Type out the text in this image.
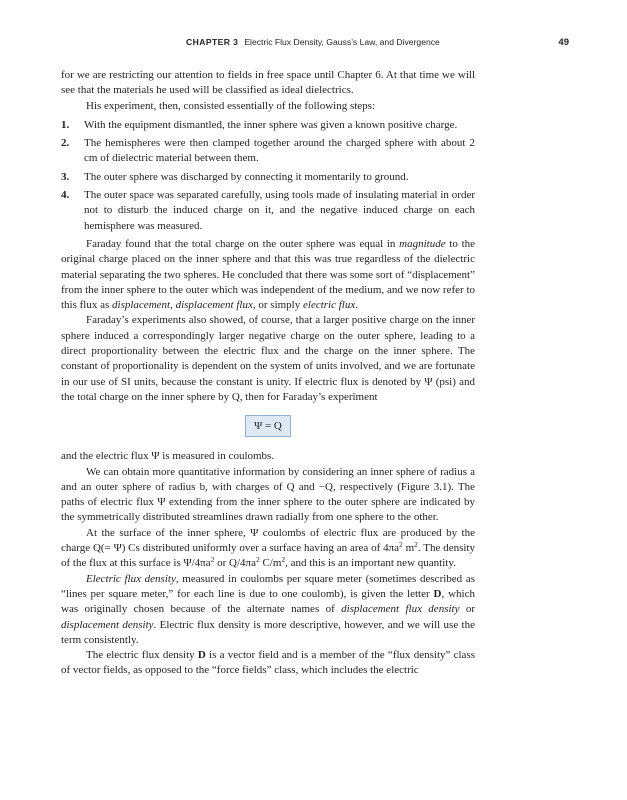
CHAPTER 3 Electric Flux Density, Gauss’s Law, and Divergence	49

for we are restricting our attention to fields in free space until Chapter 6. At that time we will see that the materials he used will be classified as ideal dielectrics.

His experiment, then, consisted essentially of the following steps:

1. With the equipment dismantled, the inner sphere was given a known positive charge.
2. The hemispheres were then clamped together around the charged sphere with about 2 cm of dielectric material between them.
3. The outer sphere was discharged by connecting it momentarily to ground.
4. The outer space was separated carefully, using tools made of insulating material in order not to disturb the induced charge on it, and the negative induced charge on each hemisphere was measured.

Faraday found that the total charge on the outer sphere was equal in magnitude to the original charge placed on the inner sphere and that this was true regardless of the dielectric material separating the two spheres. He concluded that there was some sort of “displacement” from the inner sphere to the outer which was independent of the medium, and we now refer to this flux as displacement, displacement flux, or simply electric flux.

Faraday’s experiments also showed, of course, that a larger positive charge on the inner sphere induced a correspondingly larger negative charge on the outer sphere, leading to a direct proportionality between the electric flux and the charge on the inner sphere. The constant of proportionality is dependent on the system of units involved, and we are fortunate in our use of SI units, because the constant is unity. If electric flux is denoted by Ψ (psi) and the total charge on the inner sphere by Q, then for Faraday’s experiment

Ψ = Q

and the electric flux Ψ is measured in coulombs.

We can obtain more quantitative information by considering an inner sphere of radius a and an outer sphere of radius b, with charges of Q and −Q, respectively (Figure 3.1). The paths of electric flux Ψ extending from the inner sphere to the outer sphere are indicated by the symmetrically distributed streamlines drawn radially from one sphere to the other.

At the surface of the inner sphere, Ψ coulombs of electric flux are produced by the charge Q(= Ψ) Cs distributed uniformly over a surface having an area of $4\pi a^2$ $m^2$. The density of the flux at this surface is $\Psi/4\pi a^2$ or $Q/4\pi a^2$ $C/m^2$, and this is an important new quantity.

Electric flux density, measured in coulombs per square meter (sometimes described as “lines per square meter,” for each line is due to one coulomb), is given the letter D, which was originally chosen because of the alternate names of displacement flux density or displacement density. Electric flux density is more descriptive, however, and we will use the term consistently.

The electric flux density D is a vector field and is a member of the “flux density” class of vector fields, as opposed to the “force fields” class, which includes the electric
